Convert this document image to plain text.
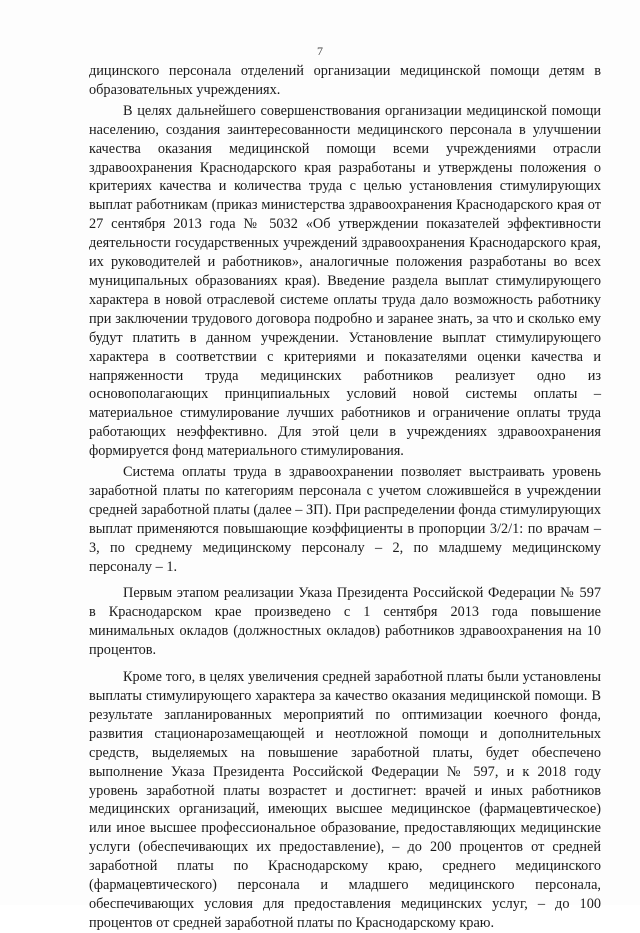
7

дицинского персонала отделений организации медицинской помощи детям в образовательных учреждениях.

В целях дальнейшего совершенствования организации медицинской помощи населению, создания заинтересованности медицинского персонала в улучшении качества оказания медицинской помощи всеми учреждениями отрасли здравоохранения Краснодарского края разработаны и утверждены положения о критериях качества и количества труда с целью установления стимулирующих выплат работникам (приказ министерства здравоохранения Краснодарского края от 27 сентября 2013 года № 5032 «Об утверждении показателей эффективности деятельности государственных учреждений здравоохранения Краснодарского края, их руководителей и работников», аналогичные положения разработаны во всех муниципальных образованиях края). Введение раздела выплат стимулирующего характера в новой отраслевой системе оплаты труда дало возможность работнику при заключении трудового договора подробно и заранее знать, за что и сколько ему будут платить в данном учреждении. Установление выплат стимулирующего характера в соответствии с критериями и показателями оценки качества и напряженности труда медицинских работников реализует одно из основополагающих принципиальных условий новой системы оплаты – материальное стимулирование лучших работников и ограничение оплаты труда работающих неэффективно. Для этой цели в учреждениях здравоохранения формируется фонд материального стимулирования.

Система оплаты труда в здравоохранении позволяет выстраивать уровень заработной платы по категориям персонала с учетом сложившейся в учреждении средней заработной платы (далее – ЗП). При распределении фонда стимулирующих выплат применяются повышающие коэффициенты в пропорции 3/2/1: по врачам – 3, по среднему медицинскому персоналу – 2, по младшему медицинскому персоналу – 1.

Первым этапом реализации Указа Президента Российской Федерации № 597 в Краснодарском крае произведено с 1 сентября 2013 года повышение минимальных окладов (должностных окладов) работников здравоохранения на 10 процентов.

Кроме того, в целях увеличения средней заработной платы были установлены выплаты стимулирующего характера за качество оказания медицинской помощи. В результате запланированных мероприятий по оптимизации коечного фонда, развития стационарозамещающей и неотложной помощи и дополнительных средств, выделяемых на повышение заработной платы, будет обеспечено выполнение Указа Президента Российской Федерации № 597, и к 2018 году уровень заработной платы возрастет и достигнет: врачей и иных работников медицинских организаций, имеющих высшее медицинское (фармацевтическое) или иное высшее профессиональное образование, предоставляющих медицинские услуги (обеспечивающих их предоставление), – до 200 процентов от средней заработной платы по Краснодарскому краю, среднего медицинского (фармацевтического) персонала и младшего медицинского персонала, обеспечивающих условия для предоставления медицинских услуг, – до 100 процентов от средней заработной платы по Краснодарскому краю.
